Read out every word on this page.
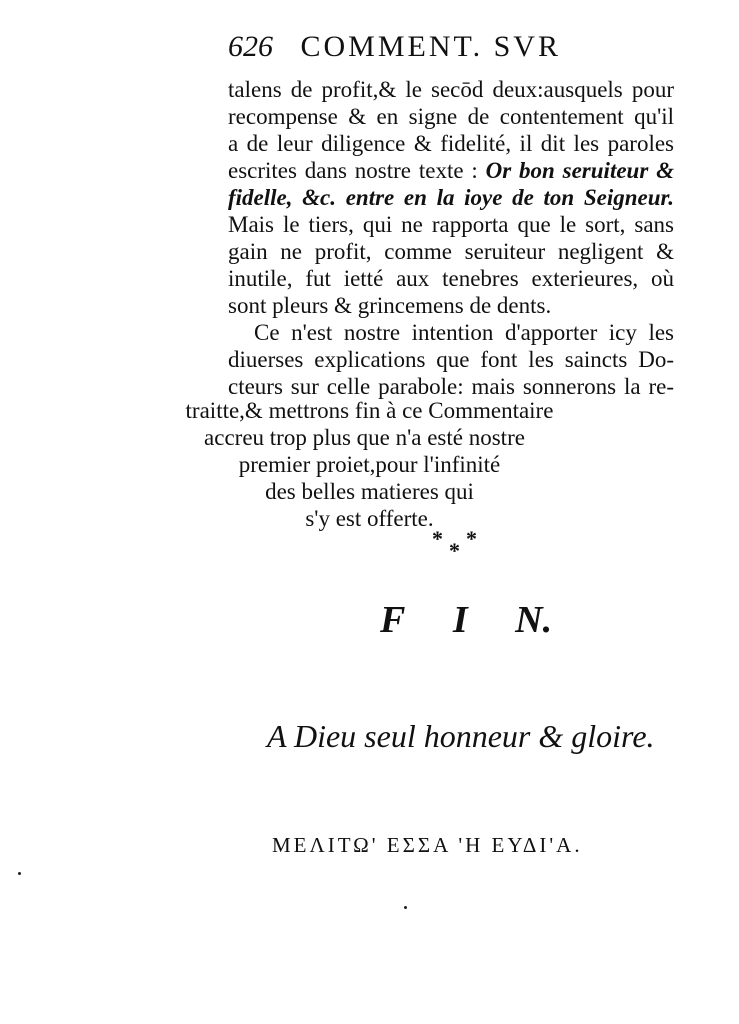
626 COMMENT. SVR
talens de profit,& le secōd deux:ausquels pour
recompense & en signe de contentement qu'il
a de leur diligence & fidelité, il dit les paroles
escrites dans nostre texte : Or bon seruiteur &
fidelle, &c. entre en la ioye de ton Seigneur.
Mais le tiers, qui ne rapporta que le sort, sans
gain ne profit, comme seruiteur negligent &
inutile, fut ietté aux tenebres exterieures, où
sont pleurs & grincemens de dents.
Ce n'est nostre intention d'apporter icy les
diuerses explications que font les saincts Do-
cteurs sur celle parabole: mais sonnerons la re-
traitte,& mettrons fin à ce Commentaire
accreu trop plus que n'a esté nostre
premier proiet,pour l'infinité
des belles matieres qui
s'y est offerte.
* *
*
F I N.
A Dieu seul honneur & gloire.
ΜΕΛΙΤΩ' ΕΣΣΑ 'Η ΕΥΔΙ'Α.
